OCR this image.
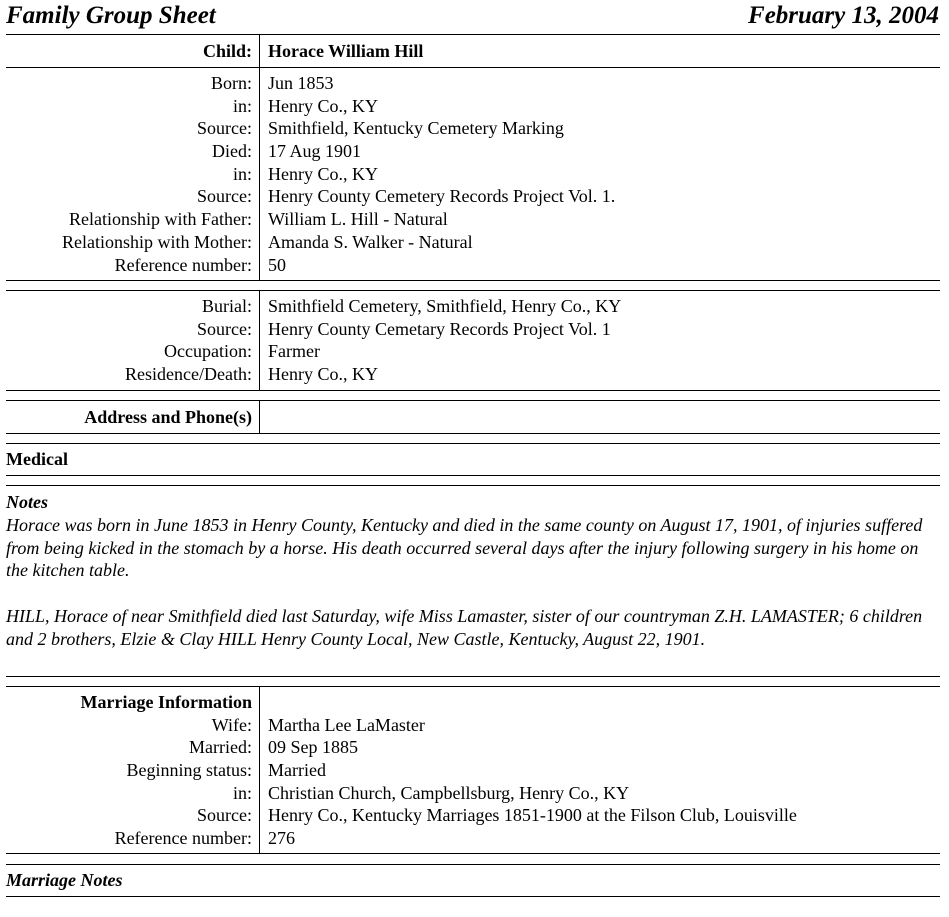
Family Group Sheet	February 13, 2004
Child: Horace William Hill
Born:
in:
Source:
Died:
in:
Source:
Relationship with Father:
Relationship with Mother:
Reference number:
Jun 1853
Henry Co., KY
Smithfield, Kentucky Cemetery Marking
17 Aug 1901
Henry Co., KY
Henry County Cemetery Records Project Vol. 1.
William L. Hill - Natural
Amanda S. Walker - Natural
50
Burial:
Source:
Occupation:
Residence/Death:
Smithfield Cemetery, Smithfield, Henry Co., KY
Henry County Cemetary Records Project Vol. 1
Farmer
Henry Co., KY
Address and Phone(s)
Medical
Notes

Horace was born in June 1853 in Henry County, Kentucky and died in the same county on August 17, 1901, of injuries suffered from being kicked in the stomach by a horse. His death occurred several days after the injury following surgery in his home on the kitchen table.

HILL, Horace of near Smithfield died last Saturday, wife Miss Lamaster, sister of our countryman Z.H. LAMASTER; 6 children and 2 brothers, Elzie & Clay HILL Henry County Local, New Castle, Kentucky, August 22, 1901.

Marriage Information
Wife:
Married:
Beginning status:
in:
Source:
Reference number:
Martha Lee LaMaster
09 Sep 1885
Married
Christian Church, Campbellsburg, Henry Co., KY
Henry Co., Kentucky Marriages 1851-1900 at the Filson Club, Louisville
276
Marriage Notes
